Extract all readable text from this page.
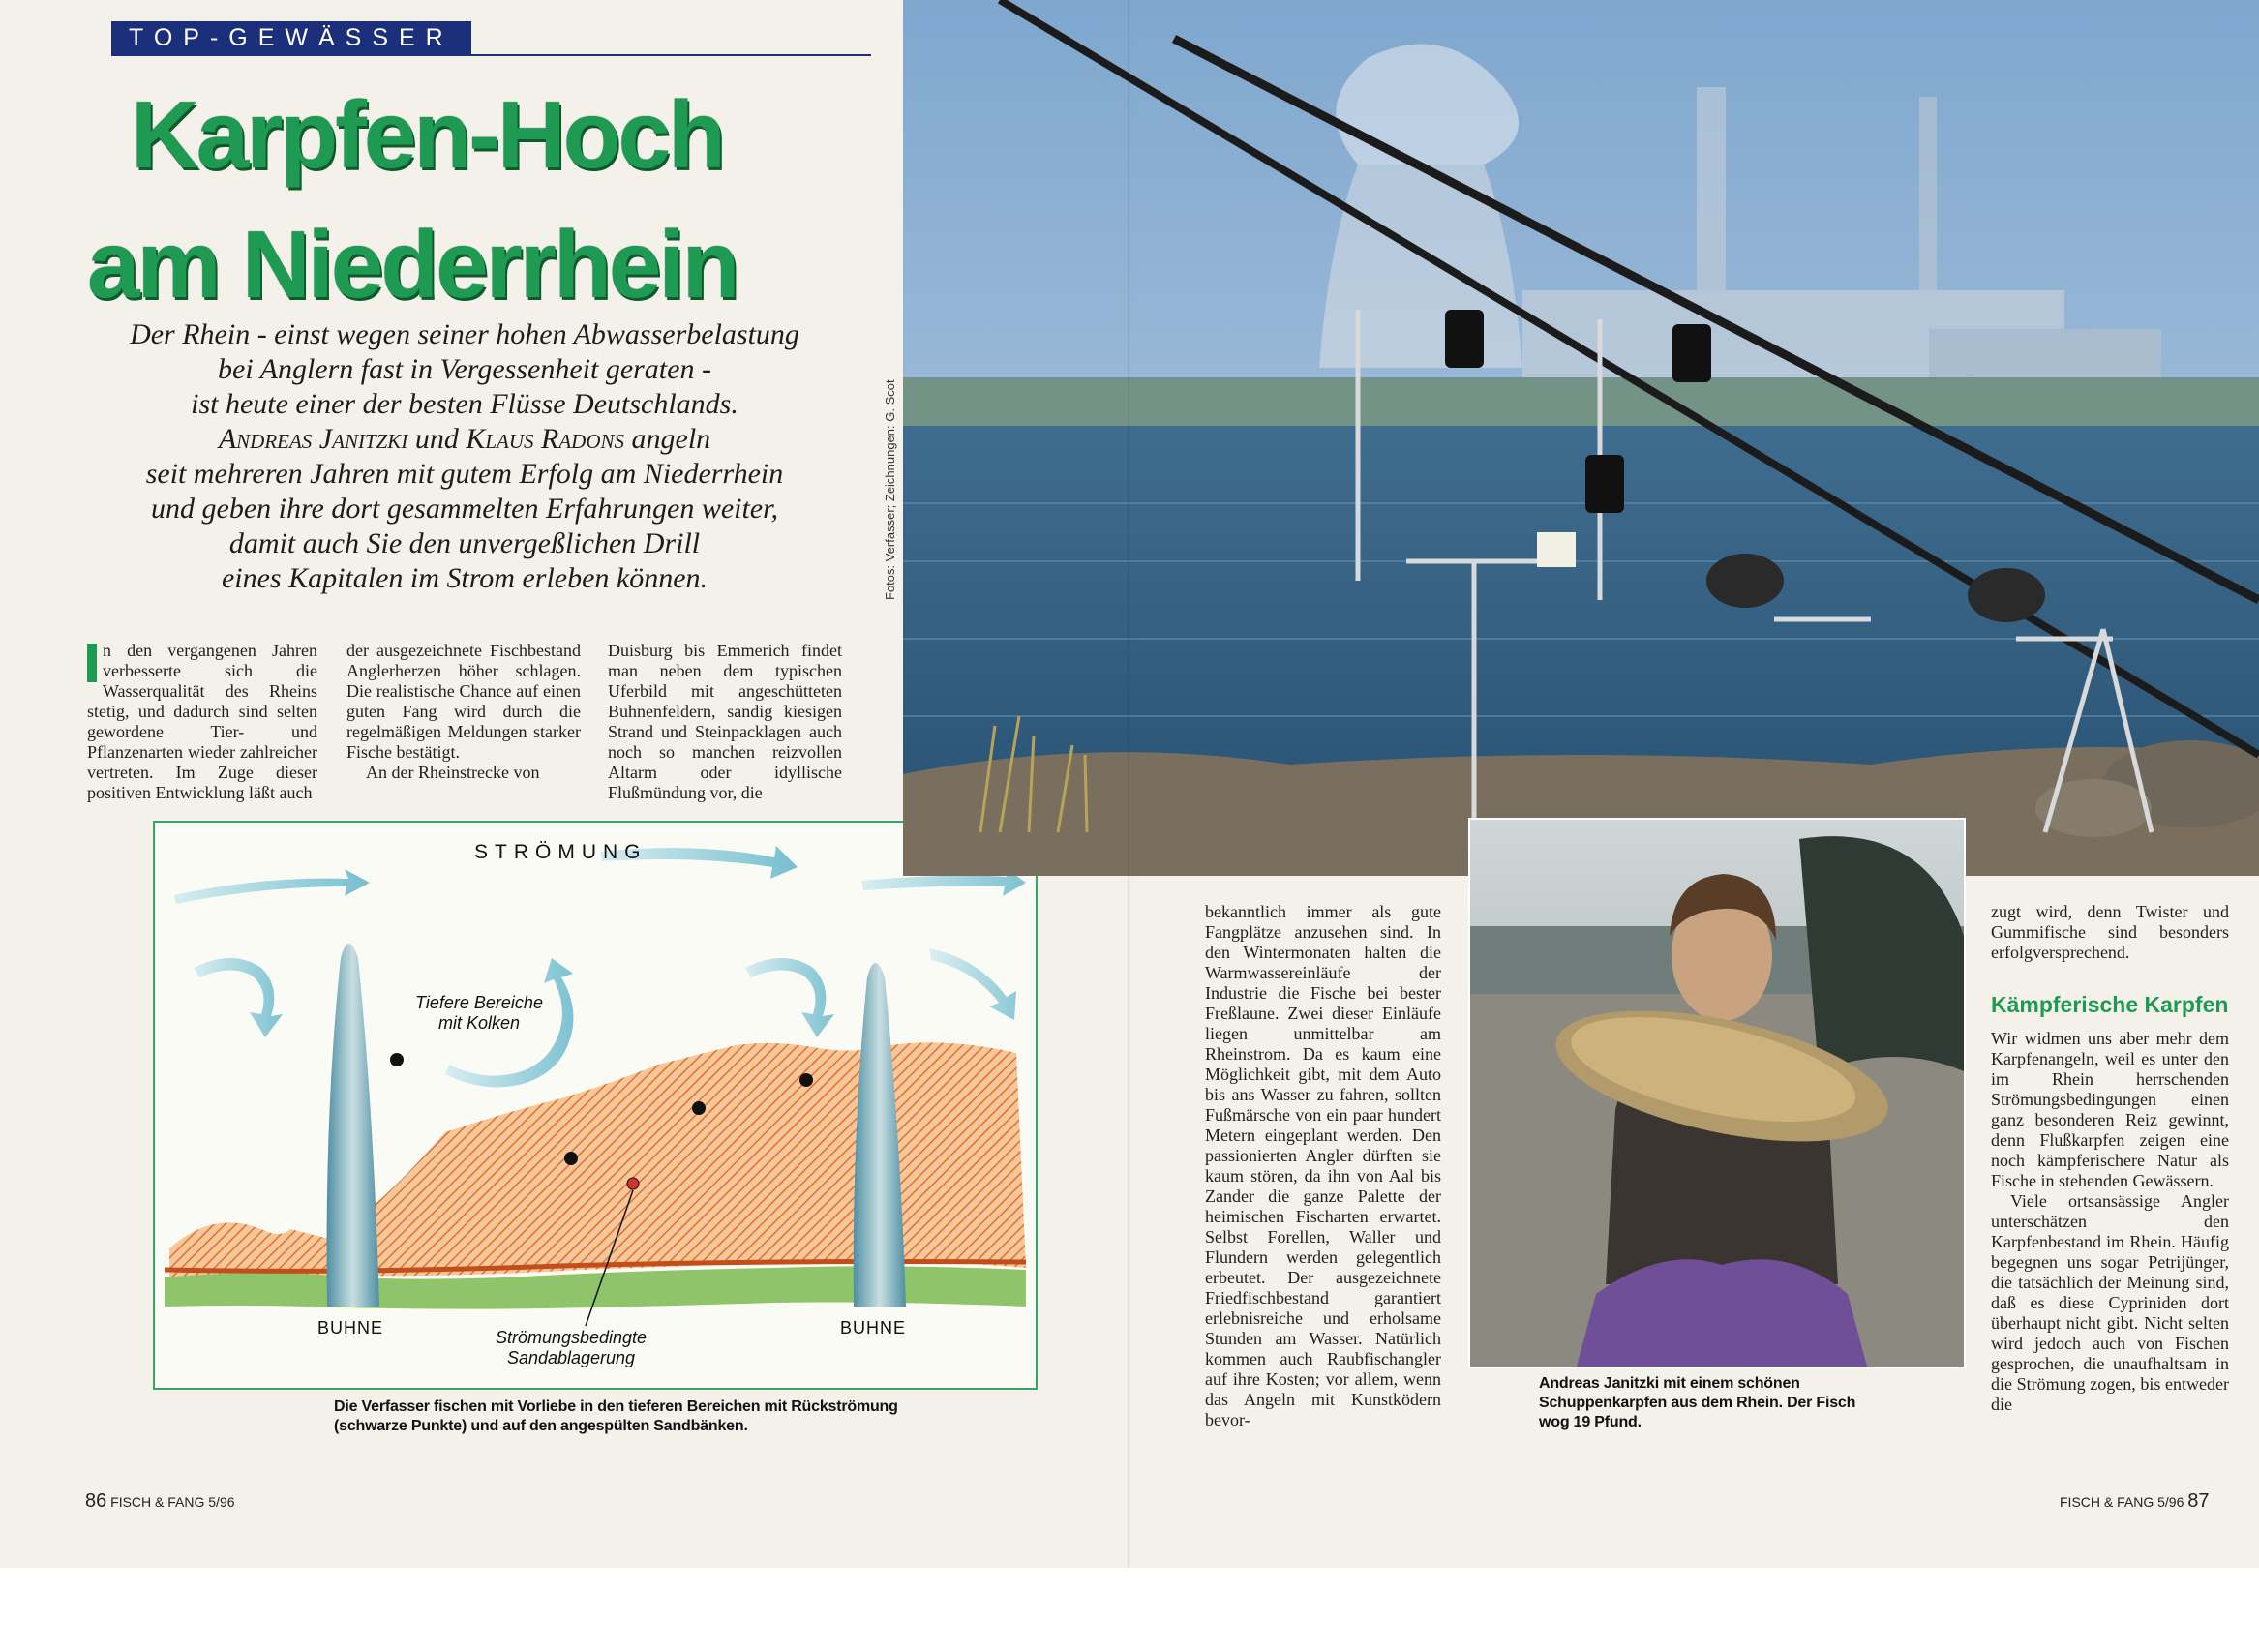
TOP-GEWÄSSER
Karpfen-Hoch
am Niederrhein

Der Rhein - einst wegen seiner hohen Abwasserbelastung
bei Anglern fast in Vergessenheit geraten -
ist heute einer der besten Flüsse Deutschlands.
Andreas Janitzki und Klaus Radons angeln
seit mehreren Jahren mit gutem Erfolg am Niederrhein
und geben ihre dort gesammelten Erfahrungen weiter,
damit auch Sie den unvergeßlichen Drill
eines Kapitalen im Strom erleben können.	Fotos: Verfasser; Zeichnungen: G. Scot

n den vergangenen Jahren verbesserte sich die Wasserqualität des Rheins stetig, und dadurch sind selten gewordene Tier- und Pflanzenarten wieder zahlreicher vertreten. Im Zuge dieser positiven Entwicklung läßt auch

der ausgezeichnete Fischbestand Anglerherzen höher schlagen. Die realistische Chance auf einen guten Fang wird durch die regelmäßigen Meldungen starker Fische bestätigt.

An der Rheinstrecke von

Duisburg bis Emmerich findet man neben dem typischen Uferbild mit angeschütteten Buhnenfeldern, sandig kiesigen Strand und Steinpacklagen auch noch so manchen reizvollen Altarm oder idyllische Flußmündung vor, die

STRÖMUNG
Tiefere Bereiche
mit Kolken
BUHNE	BUHNE
Strömungsbedingte
Sandablagerung
Die Verfasser fischen mit Vorliebe in den tieferen Bereichen mit Rückströmung (schwarze Punkte) und auf den angespülten Sandbänken.
86 FISCH & FANG 5/96

bekanntlich immer als gute Fangplätze anzusehen sind. In den Wintermonaten halten die Warmwassereinläufe der Industrie die Fische bei bester Freßlaune. Zwei dieser Einläufe liegen unmittelbar am Rheinstrom. Da es kaum eine Möglichkeit gibt, mit dem Auto bis ans Wasser zu fahren, sollten Fußmärsche von ein paar hundert Metern eingeplant werden. Den passionierten Angler dürften sie kaum stören, da ihn von Aal bis Zander die ganze Palette der heimischen Fischarten erwartet. Selbst Forellen, Waller und Flundern werden gelegentlich erbeutet. Der ausgezeichnete Friedfischbestand garantiert erlebnisreiche und erholsame Stunden am Wasser. Natürlich kommen auch Raubfischangler auf ihre Kosten; vor allem, wenn das Angeln mit Kunstködern bevor-

Andreas Janitzki mit einem schönen Schuppenkarpfen aus dem Rhein. Der Fisch wog 19 Pfund.

zugt wird, denn Twister und Gummifische sind besonders erfolgversprechend.

Kämpferische Karpfen

Wir widmen uns aber mehr dem Karpfenangeln, weil es unter den im Rhein herrschenden Strömungsbedingungen einen ganz besonderen Reiz gewinnt, denn Flußkarpfen zeigen eine noch kämpferischere Natur als Fische in stehenden Gewässern.

Viele ortsansässige Angler unterschätzen den Karpfenbestand im Rhein. Häufig begegnen uns sogar Petrijünger, die tatsächlich der Meinung sind, daß es diese Cypriniden dort überhaupt nicht gibt. Nicht selten wird jedoch auch von Fischen gesprochen, die unaufhaltsam in die Strömung zogen, bis entweder die

FISCH & FANG 5/96 87
